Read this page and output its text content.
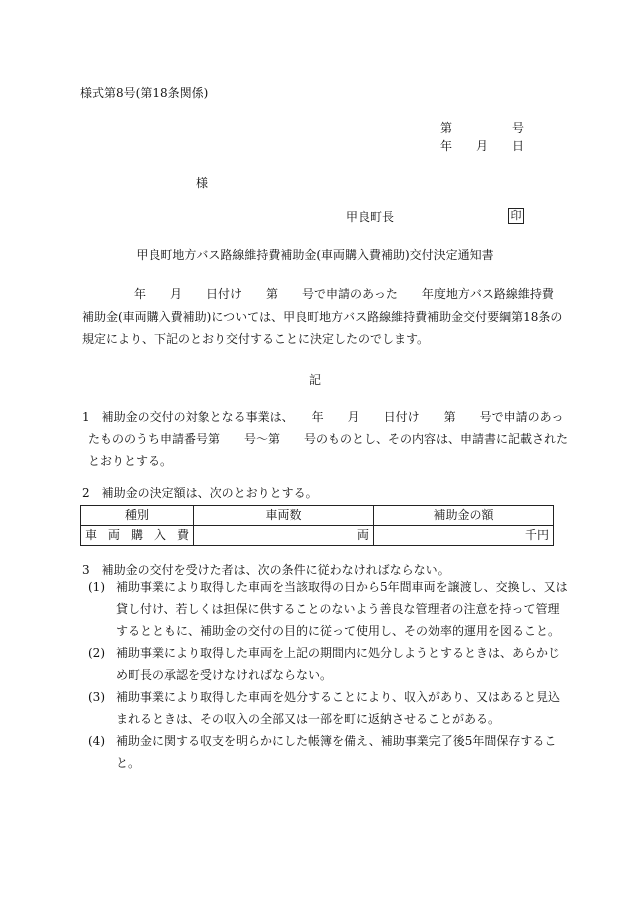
様式第8号(第18条関係)
第	号
年 月 日
様
甲良町長	印
甲良町地方バス路線維持費補助金(車両購入費補助)交付決定通知書
年　　月　　日付け　　第　　号で申請のあった　　年度地方バス路線維持費
補助金(車両購入費補助)については、甲良町地方バス路線維持費補助金交付要綱第18条の
規定により、下記のとおり交付することに決定したのでします。
記
1　補助金の交付の対象となる事業は、　　年　　月　　日付け　　第　　号で申請のあっ
たもののうち申請番号第　　号～第　　号のものとし、その内容は、申請書に記載された
とおりとする。
2　補助金の決定額は、次のとおりとする。
種別	車両数	補助金の額
車両購入費	両	千円
3　補助金の交付を受けた者は、次の条件に従わなければならない。
(1) 補助事業により取得した車両を当該取得の日から5年間車両を譲渡し、交換し、又は
貸し付け、若しくは担保に供することのないよう善良な管理者の注意を持って管理
するとともに、補助金の交付の目的に従って使用し、その効率的運用を図ること。
(2) 補助事業により取得した車両を上記の期間内に処分しようとするときは、あらかじ
め町長の承認を受けなければならない。
(3) 補助事業により取得した車両を処分することにより、収入があり、又はあると見込
まれるときは、その収入の全部又は一部を町に返納させることがある。
(4) 補助金に関する収支を明らかにした帳簿を備え、補助事業完了後5年間保存するこ
と。
